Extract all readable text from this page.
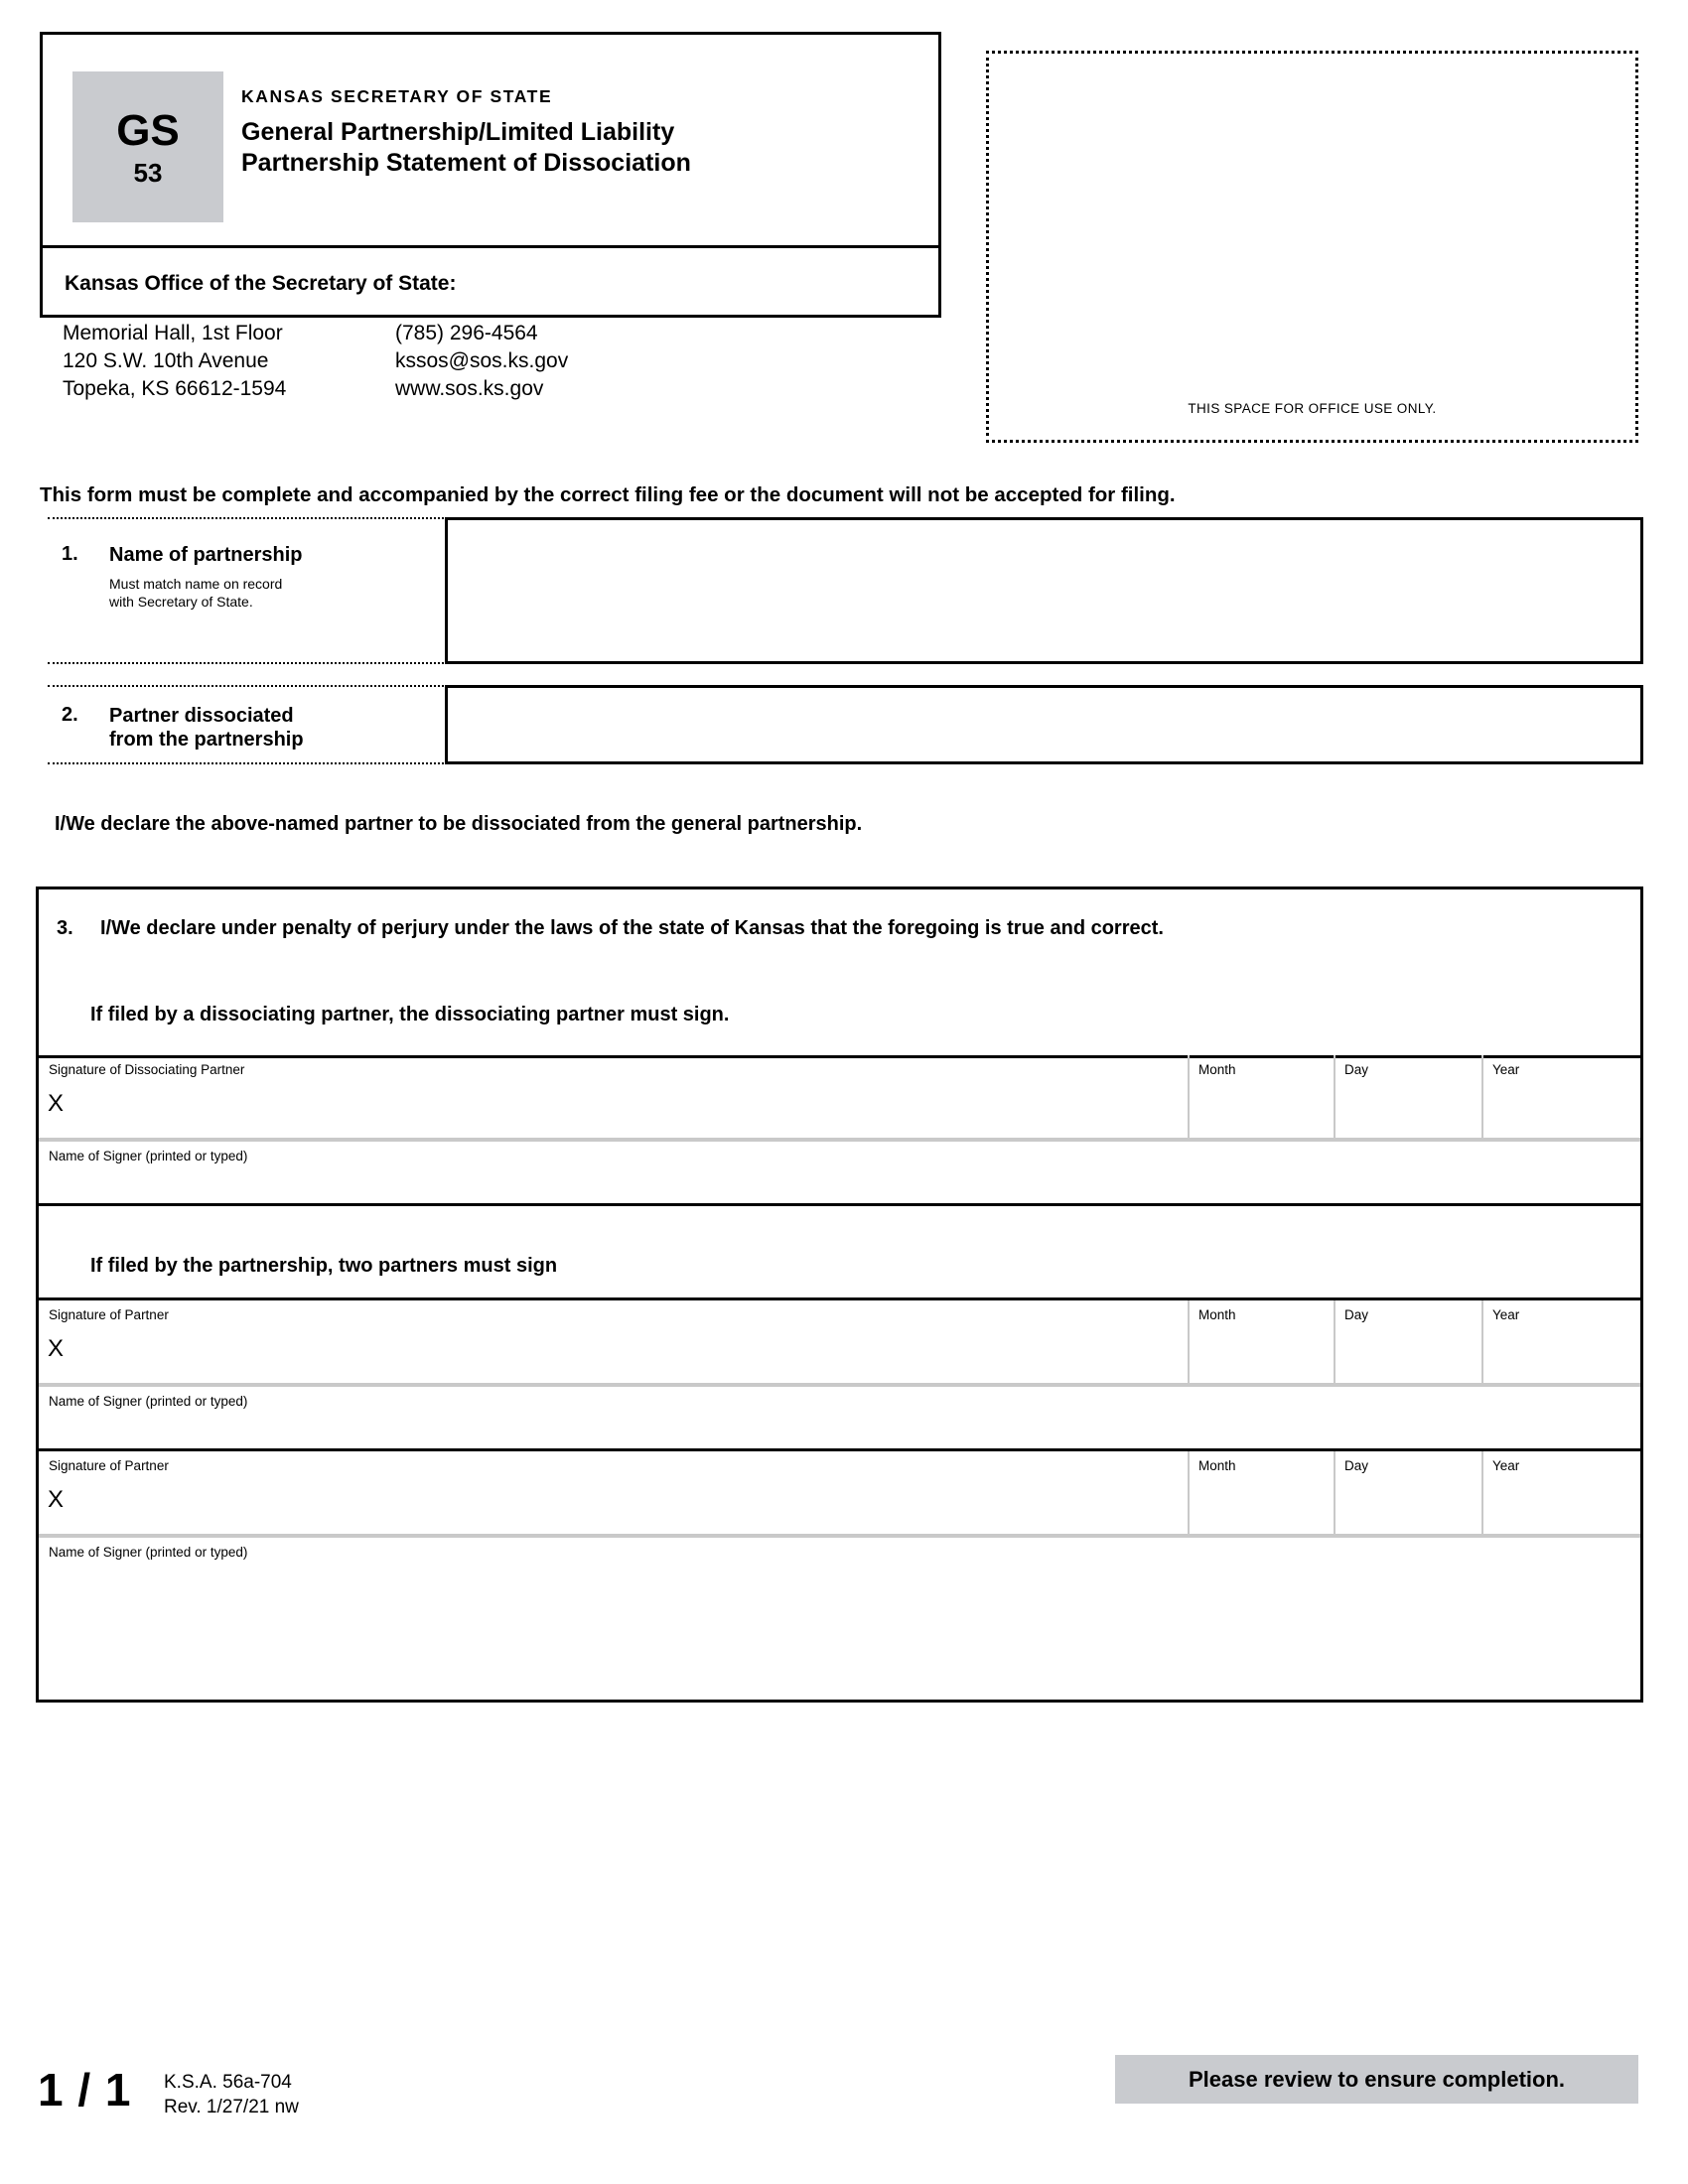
GS
53
KANSAS SECRETARY OF STATE
General Partnership/Limited Liability
Partnership Statement of Dissociation
Kansas Office of the Secretary of State:
Memorial Hall, 1st Floor
120 S.W. 10th Avenue
Topeka, KS 66612-1594
(785) 296-4564
kssos@sos.ks.gov
www.sos.ks.gov
THIS SPACE FOR OFFICE USE ONLY.
This form must be complete and accompanied by the correct filing fee or the document will not be accepted for filing.
1. Name of partnership
Must match name on record
with Secretary of State.
2. Partner dissociated
from the partnership
I/We declare the above-named partner to be dissociated from the general partnership.
3. I/We declare under penalty of perjury under the laws of the state of Kansas that the foregoing is true and correct.
If filed by a dissociating partner, the dissociating partner must sign.
Signature of Dissociating Partner
X
Month	Day	Year
Name of Signer (printed or typed)
If filed by the partnership, two partners must sign
Signature of Partner
X
Month	Day	Year
Name of Signer (printed or typed)
Signature of Partner
X
Month	Day	Year
Name of Signer (printed or typed)
1 / 1 K.S.A. 56a-704
Rev. 1/27/21 nw
Please review to ensure completion.
